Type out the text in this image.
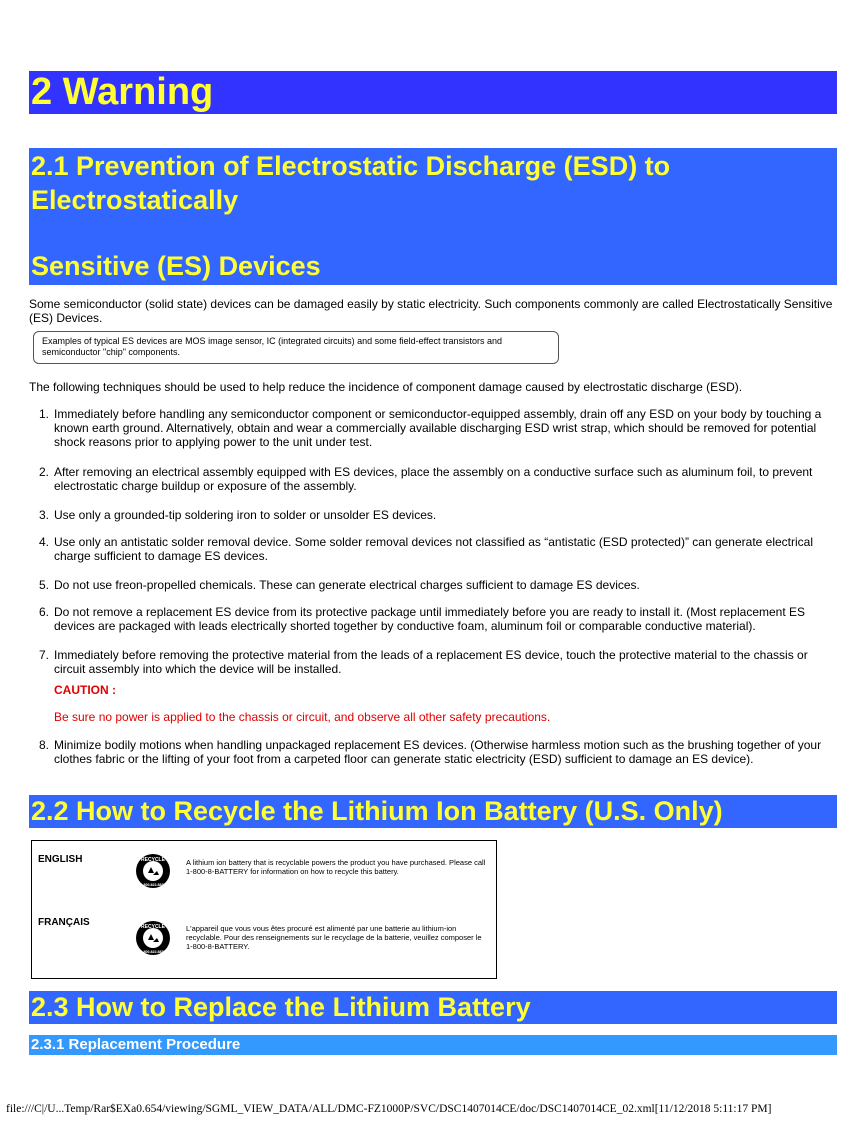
2 Warning
2.1 Prevention of Electrostatic Discharge (ESD) to
Electrostatically
Sensitive (ES) Devices
Some semiconductor (solid state) devices can be damaged easily by static electricity. Such components commonly are called Electrostatically Sensitive (ES) Devices.
Examples of typical ES devices are MOS image sensor, IC (integrated circuits) and some field-effect transistors and semiconductor "chip" components.
The following techniques should be used to help reduce the incidence of component damage caused by electrostatic discharge (ESD).
1. Immediately before handling any semiconductor component or semiconductor-equipped assembly, drain off any ESD on your body by touching a known earth ground. Alternatively, obtain and wear a commercially available discharging ESD wrist strap, which should be removed for potential shock reasons prior to applying power to the unit under test.
2. After removing an electrical assembly equipped with ES devices, place the assembly on a conductive surface such as aluminum foil, to prevent electrostatic charge buildup or exposure of the assembly.
3. Use only a grounded-tip soldering iron to solder or unsolder ES devices.
4. Use only an antistatic solder removal device. Some solder removal devices not classified as “antistatic (ESD protected)” can generate electrical charge sufficient to damage ES devices.
5. Do not use freon-propelled chemicals. These can generate electrical charges sufficient to damage ES devices.
6. Do not remove a replacement ES device from its protective package until immediately before you are ready to install it. (Most replacement ES devices are packaged with leads electrically shorted together by conductive foam, aluminum foil or comparable conductive material).
7. Immediately before removing the protective material from the leads of a replacement ES device, touch the protective material to the chassis or circuit assembly into which the device will be installed.
CAUTION :
Be sure no power is applied to the chassis or circuit, and observe all other safety precautions.
8. Minimize bodily motions when handling unpackaged replacement ES devices. (Otherwise harmless motion such as the brushing together of your clothes fabric or the lifting of your foot from a carpeted floor can generate static electricity (ESD) sufficient to damage an ES device).
2.2 How to Recycle the Lithium Ion Battery (U.S. Only)
ENGLISH	RECYCLE
1.800.822.8837
A lithium ion battery that is recyclable powers the product you have purchased. Please call 1-800-8-BATTERY for information on how to recycle this battery.
FRANÇAIS	RECYCLE
1.800.822.8837
L'appareil que vous vous êtes procuré est alimenté par une batterie au lithium-ion recyclable. Pour des renseignements sur le recyclage de la batterie, veuillez composer le 1-800-8-BATTERY.
2.3 How to Replace the Lithium Battery
2.3.1 Replacement Procedure
file:///C|/U...Temp/Rar$EXa0.654/viewing/SGML_VIEW_DATA/ALL/DMC-FZ1000P/SVC/DSC1407014CE/doc/DSC1407014CE_02.xml[11/12/2018 5:11:17 PM]
